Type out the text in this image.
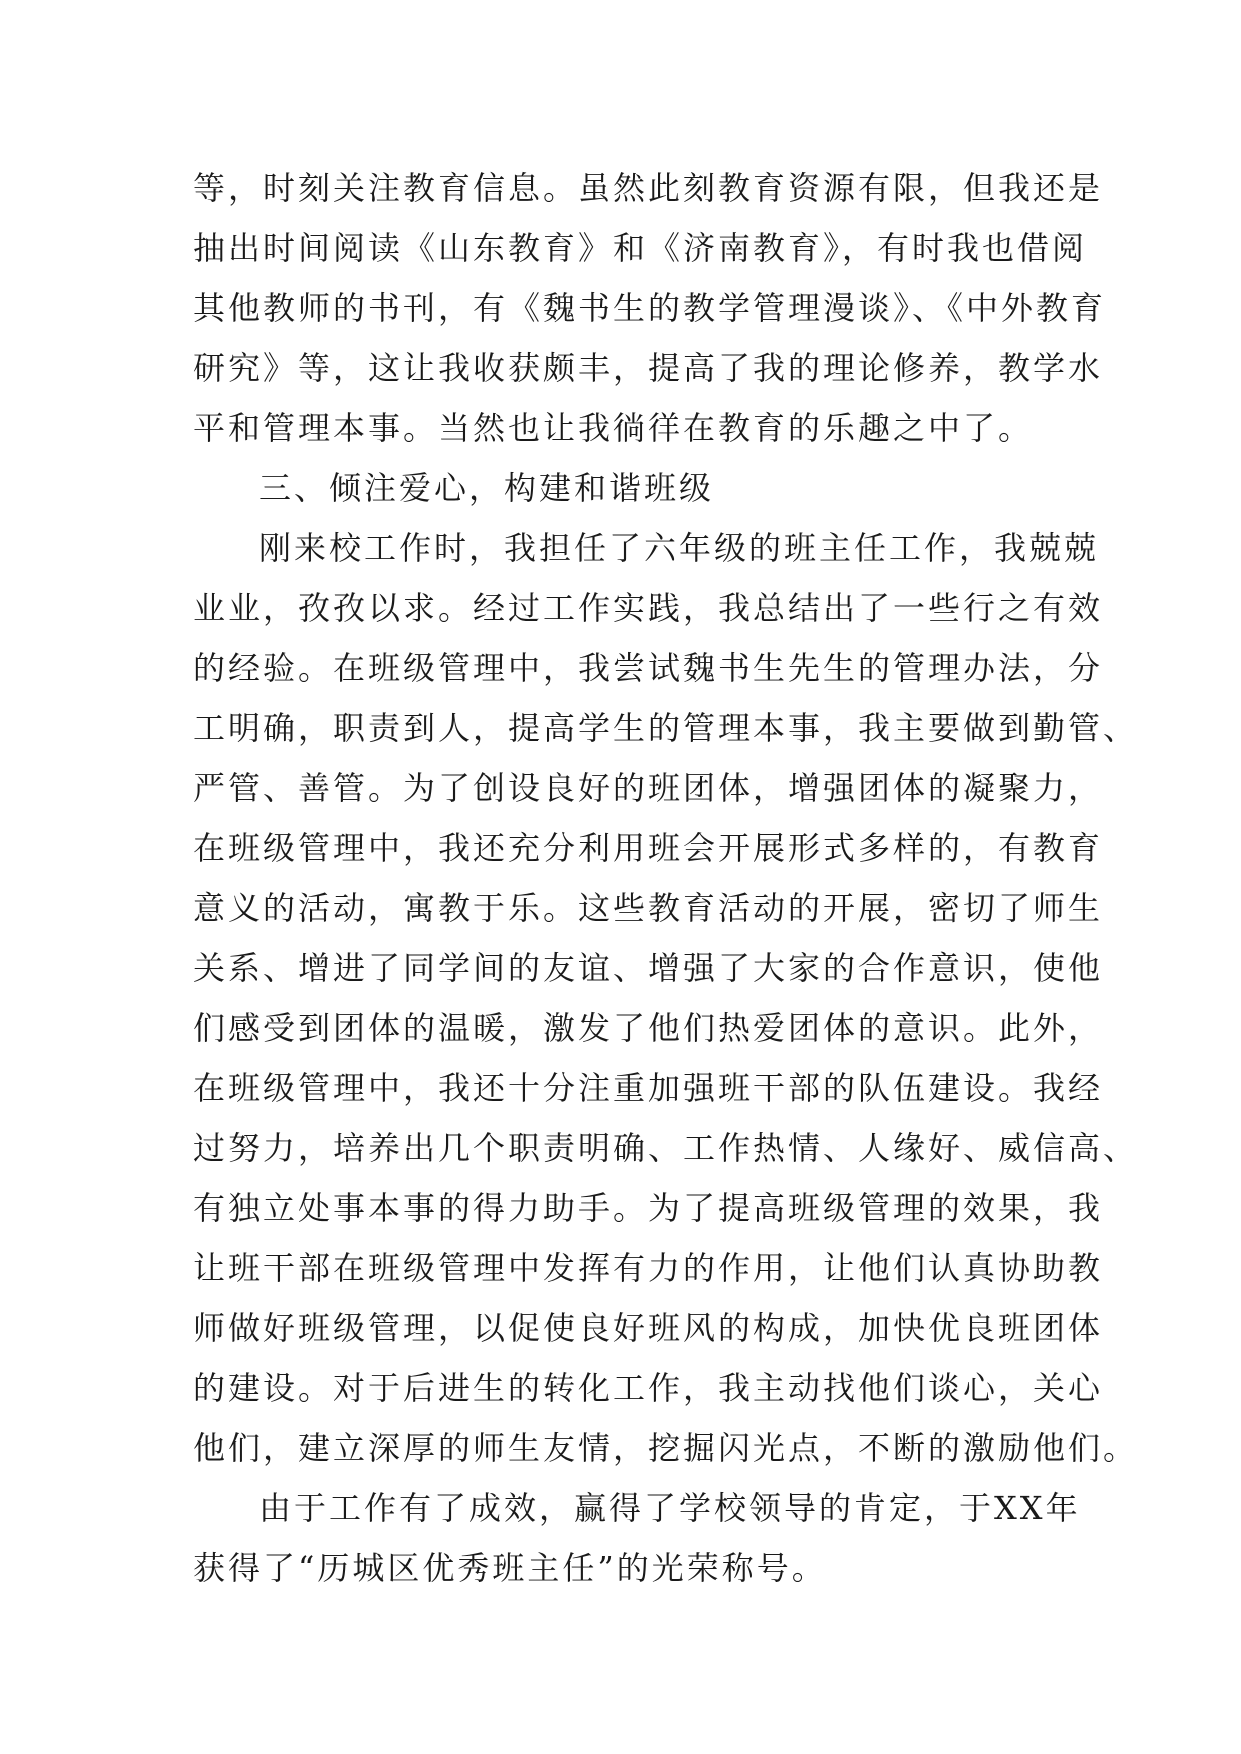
等，时刻关注教育信息。虽然此刻教育资源有限，但我还是
抽出时间阅读《山东教育》和《济南教育》，有时我也借阅
其他教师的书刊，有《魏书生的教学管理漫谈》、《中外教育
研究》等，这让我收获颇丰，提高了我的理论修养，教学水
平和管理本事。当然也让我徜徉在教育的乐趣之中了。
三、倾注爱心，构建和谐班级
刚来校工作时，我担任了六年级的班主任工作，我兢兢
业业，孜孜以求。经过工作实践，我总结出了一些行之有效
的经验。在班级管理中，我尝试魏书生先生的管理办法，分
工明确，职责到人，提高学生的管理本事，我主要做到勤管、
严管、善管。为了创设良好的班团体，增强团体的凝聚力，
在班级管理中，我还充分利用班会开展形式多样的，有教育
意义的活动，寓教于乐。这些教育活动的开展，密切了师生
关系、增进了同学间的友谊、增强了大家的合作意识，使他
们感受到团体的温暖，激发了他们热爱团体的意识。此外，
在班级管理中，我还十分注重加强班干部的队伍建设。我经
过努力，培养出几个职责明确、工作热情、人缘好、威信高、
有独立处事本事的得力助手。为了提高班级管理的效果，我
让班干部在班级管理中发挥有力的作用，让他们认真协助教
师做好班级管理，以促使良好班风的构成，加快优良班团体
的建设。对于后进生的转化工作，我主动找他们谈心，关心
他们，建立深厚的师生友情，挖掘闪光点，不断的激励他们。
由于工作有了成效，赢得了学校领导的肯定，于XX年
获得了“历城区优秀班主任”的光荣称号。
